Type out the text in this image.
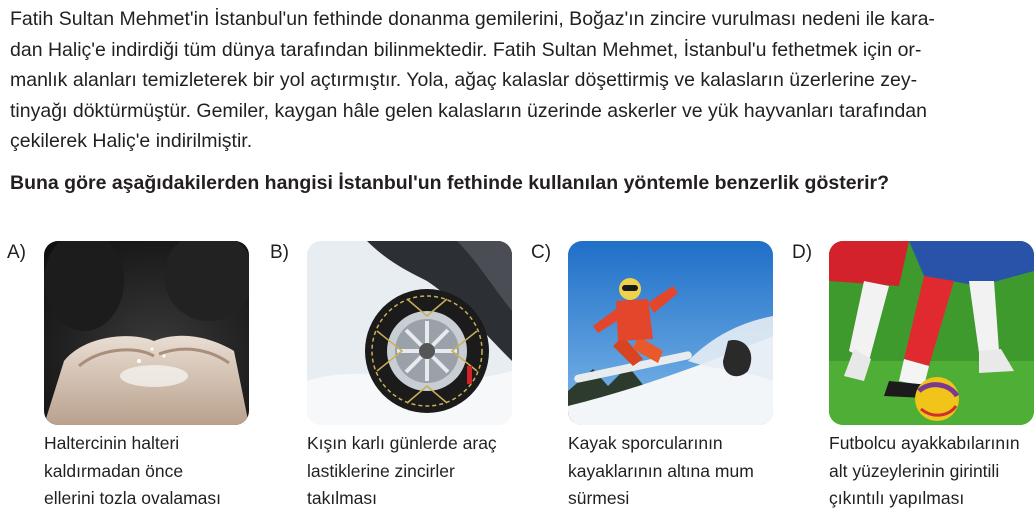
Fatih Sultan Mehmet'in İstanbul'un fethinde donanma gemilerini, Boğaz'ın zincire vurulması nedeni ile kara-
dan Haliç'e indirdiği tüm dünya tarafından bilinmektedir. Fatih Sultan Mehmet, İstanbul'u fethetmek için or-
manlık alanları temizleterek bir yol açtırmıştır. Yola, ağaç kalaslar döşettirmiş ve kalasların üzerlerine zey-
tinyağı döktürmüştür. Gemiler, kaygan hâle gelen kalasların üzerinde askerler ve yük hayvanları tarafından
çekilerek Haliç'e indirilmiştir.
Buna göre aşağıdakilerden hangisi İstanbul'un fethinde kullanılan yöntemle benzerlik gösterir?
A)
Haltercinin halteri
kaldırmadan önce
ellerini tozla ovalaması
B)
Kışın karlı günlerde araç
lastiklerine zincirler
takılması
C)
Kayak sporcularının
kayaklarının altına mum
sürmesi
D)
Futbolcu ayakkabılarının
alt yüzeylerinin girintili
çıkıntılı yapılması
